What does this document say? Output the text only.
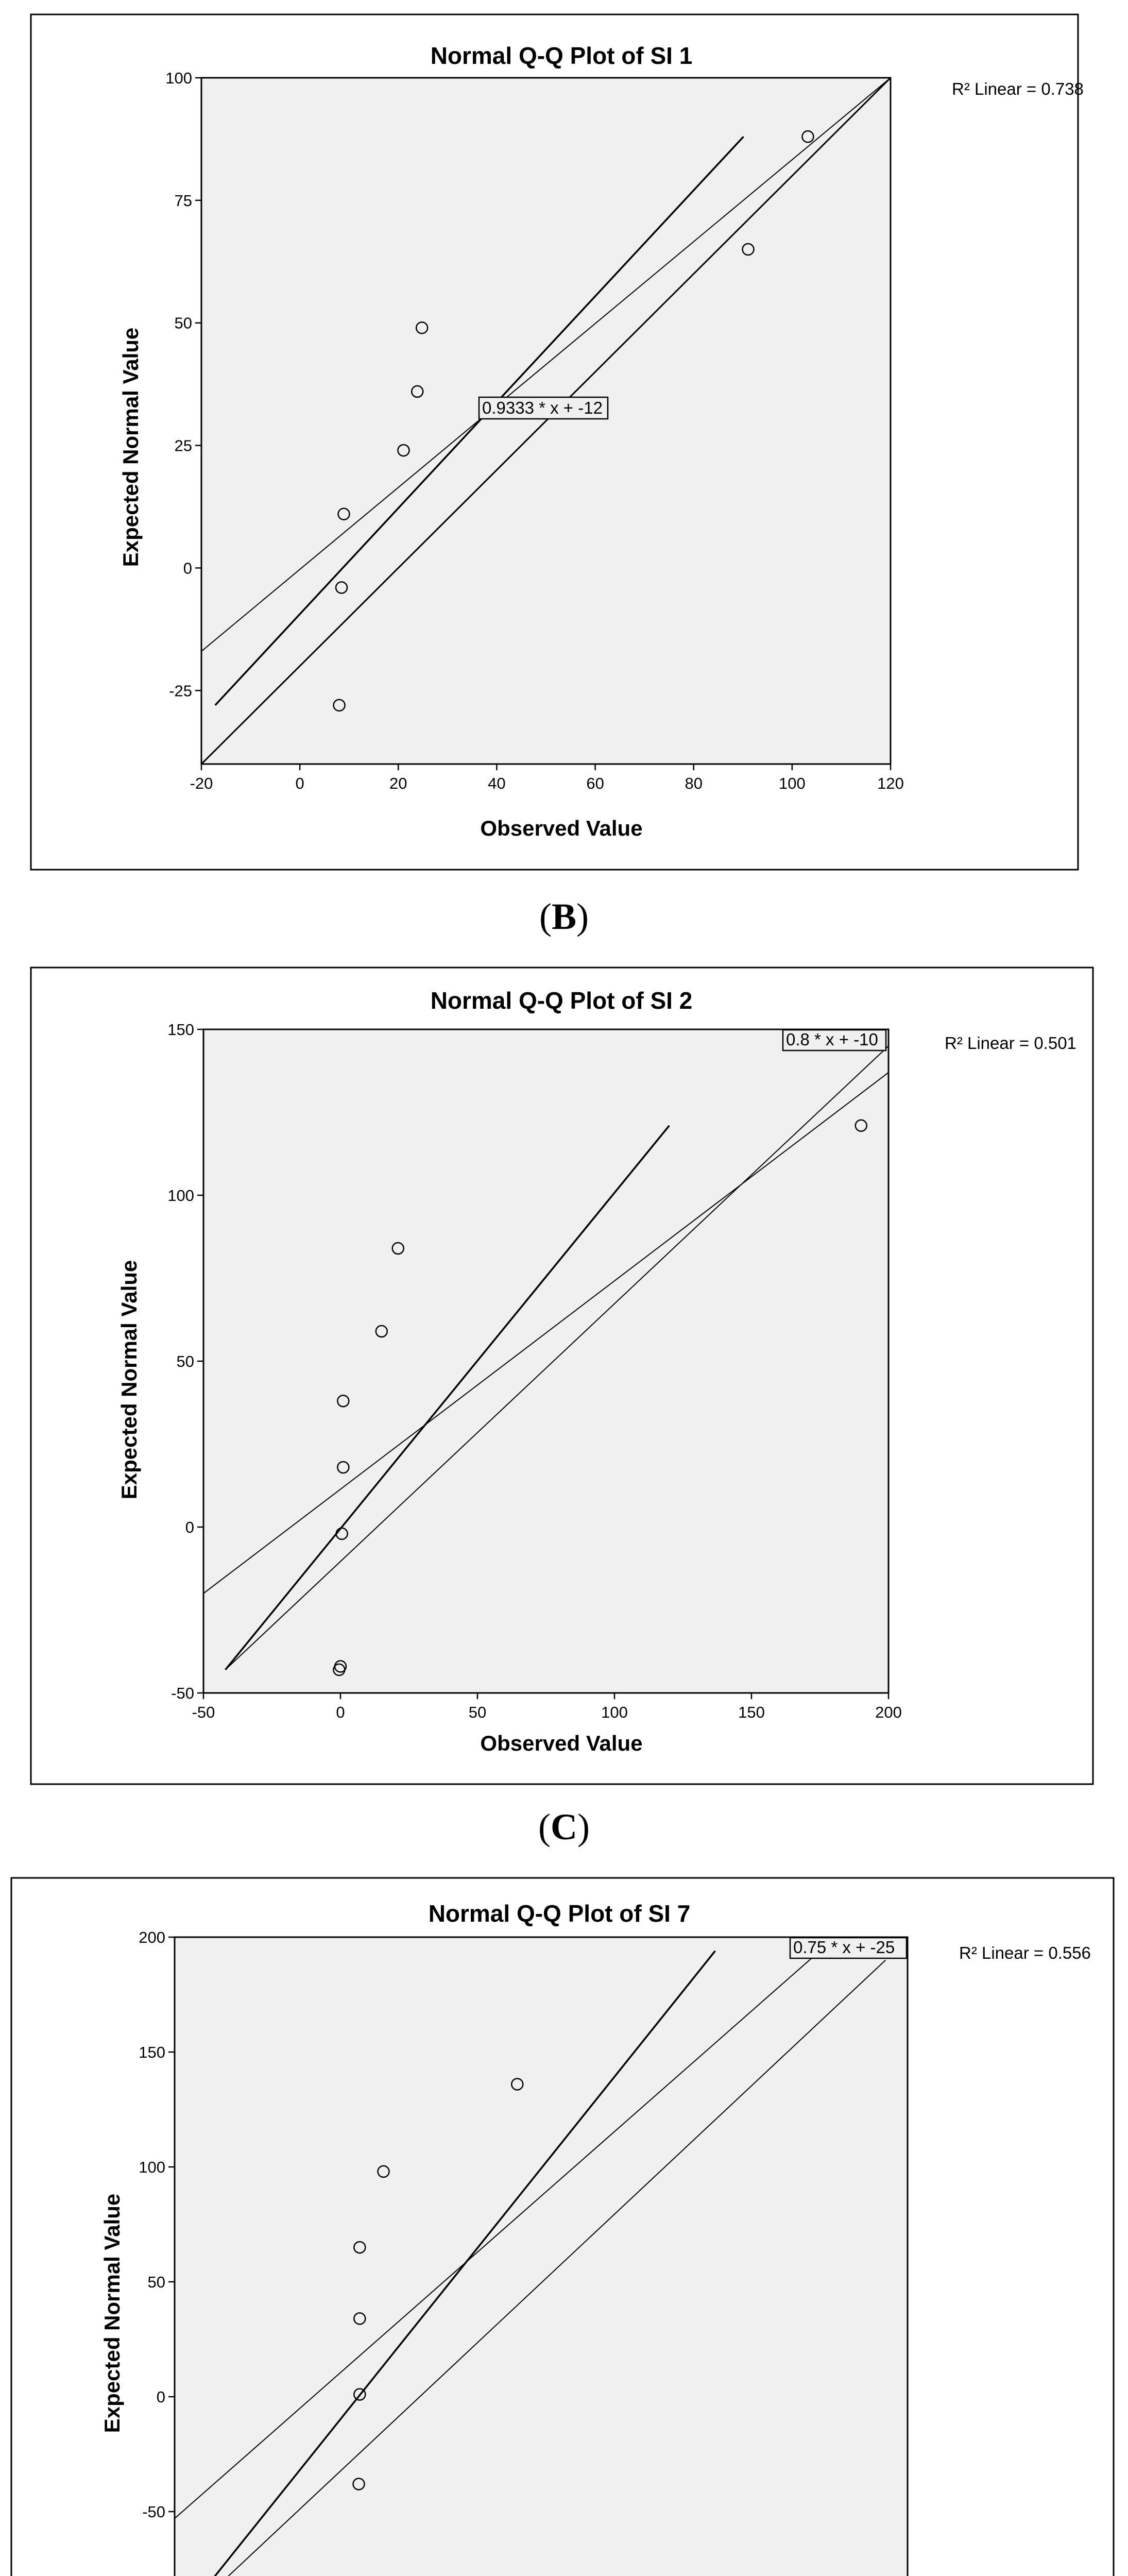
Normal Q-Q Plot of SI 1
R² Linear = 0.738
Observed Value
Expected Normal Value
-20	0	20	40	60	80	100	120
100
75
50
25
0
-25
0.9333 * x + -12
(B)
Normal Q-Q Plot of SI 2
R² Linear = 0.501
Observed Value
Expected Normal Value
-50	0	50	100	150	200
150
100
50
0
-50
0.8 * x + -10
(C)
Normal Q-Q Plot of SI 7
R² Linear = 0.556
Expected Normal Value
200
150
100
50
0
-50
0.75 * x + -25
